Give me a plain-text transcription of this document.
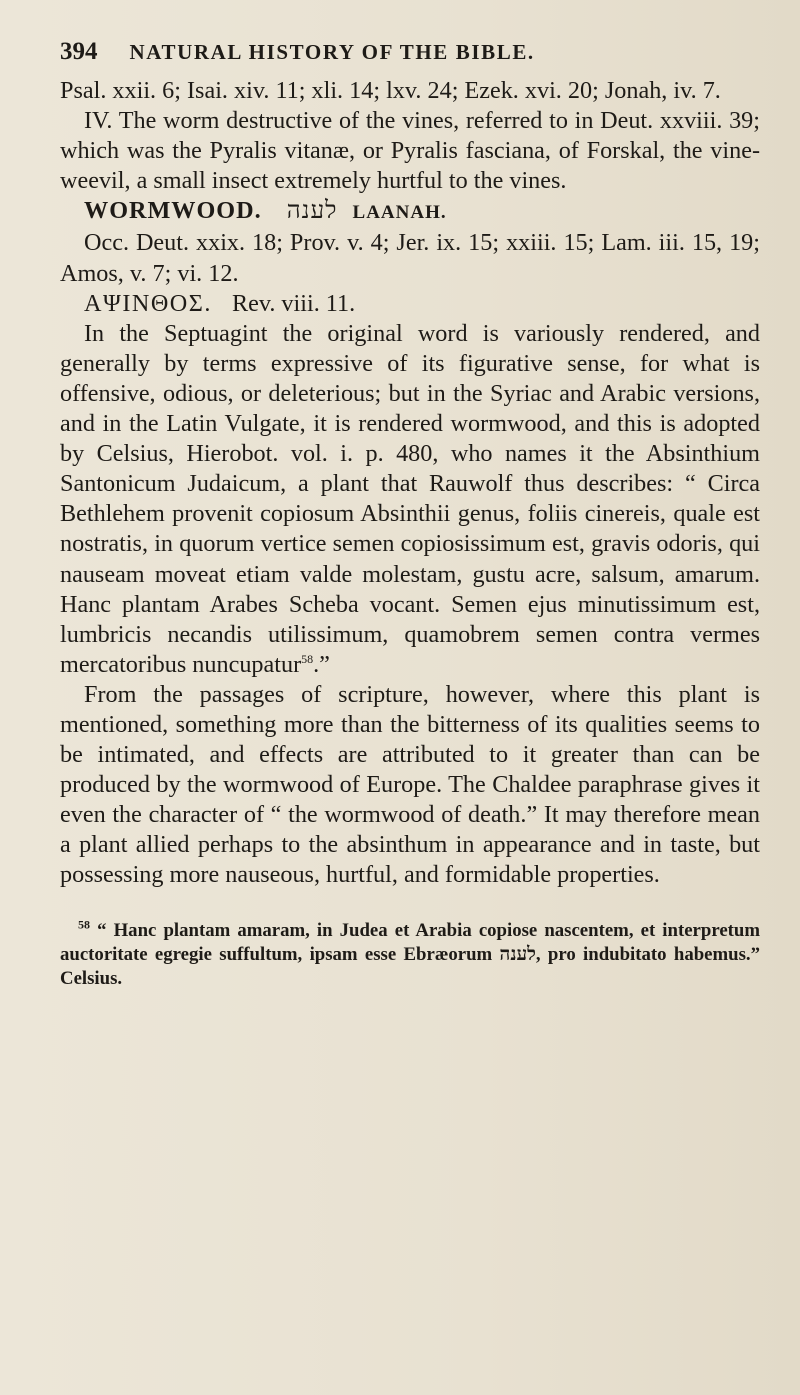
394 NATURAL HISTORY OF THE BIBLE.

Psal. xxii. 6; Isai. xiv. 11; xli. 14; lxv. 24; Ezek. xvi. 20; Jonah, iv. 7.

IV. The worm destructive of the vines, referred to in Deut. xxviii. 39; which was the Pyralis vitanæ, or Pyralis fasciana, of Forskal, the vine-weevil, a small insect extremely hurtful to the vines.

WORMWOOD. לענה LAANAH.

Occ. Deut. xxix. 18; Prov. v. 4; Jer. ix. 15; xxiii. 15; Lam. iii. 15, 19; Amos, v. 7; vi. 12.

ΑΨΙΝΘΟΣ. Rev. viii. 11.

In the Septuagint the original word is variously rendered, and generally by terms expressive of its figurative sense, for what is offensive, odious, or deleterious; but in the Syriac and Arabic versions, and in the Latin Vulgate, it is rendered wormwood, and this is adopted by Celsius, Hierobot. vol. i. p. 480, who names it the Absinthium Santonicum Judaicum, a plant that Rauwolf thus describes: “ Circa Bethlehem provenit copiosum Absinthii genus, foliis cinereis, quale est nostratis, in quorum vertice semen copiosissimum est, gravis odoris, qui nauseam moveat etiam valde molestam, gustu acre, salsum, amarum. Hanc plantam Arabes Scheba vocant. Semen ejus minutissimum est, lumbricis necandis utilissimum, quamobrem semen contra vermes mercatoribus nuncupatur$^{58}$.”

From the passages of scripture, however, where this plant is mentioned, something more than the bitterness of its qualities seems to be intimated, and effects are attributed to it greater than can be produced by the wormwood of Europe. The Chaldee paraphrase gives it even the character of “ the wormwood of death.” It may therefore mean a plant allied perhaps to the absinthum in appearance and in taste, but possessing more nauseous, hurtful, and formidable properties.

$^{58}$ “ Hanc plantam amaram, in Judea et Arabia copiose nascentem, et interpretum auctoritate egregie suffultum, ipsam esse Ebræorum לענה, pro indubitato habemus.” Celsius.
